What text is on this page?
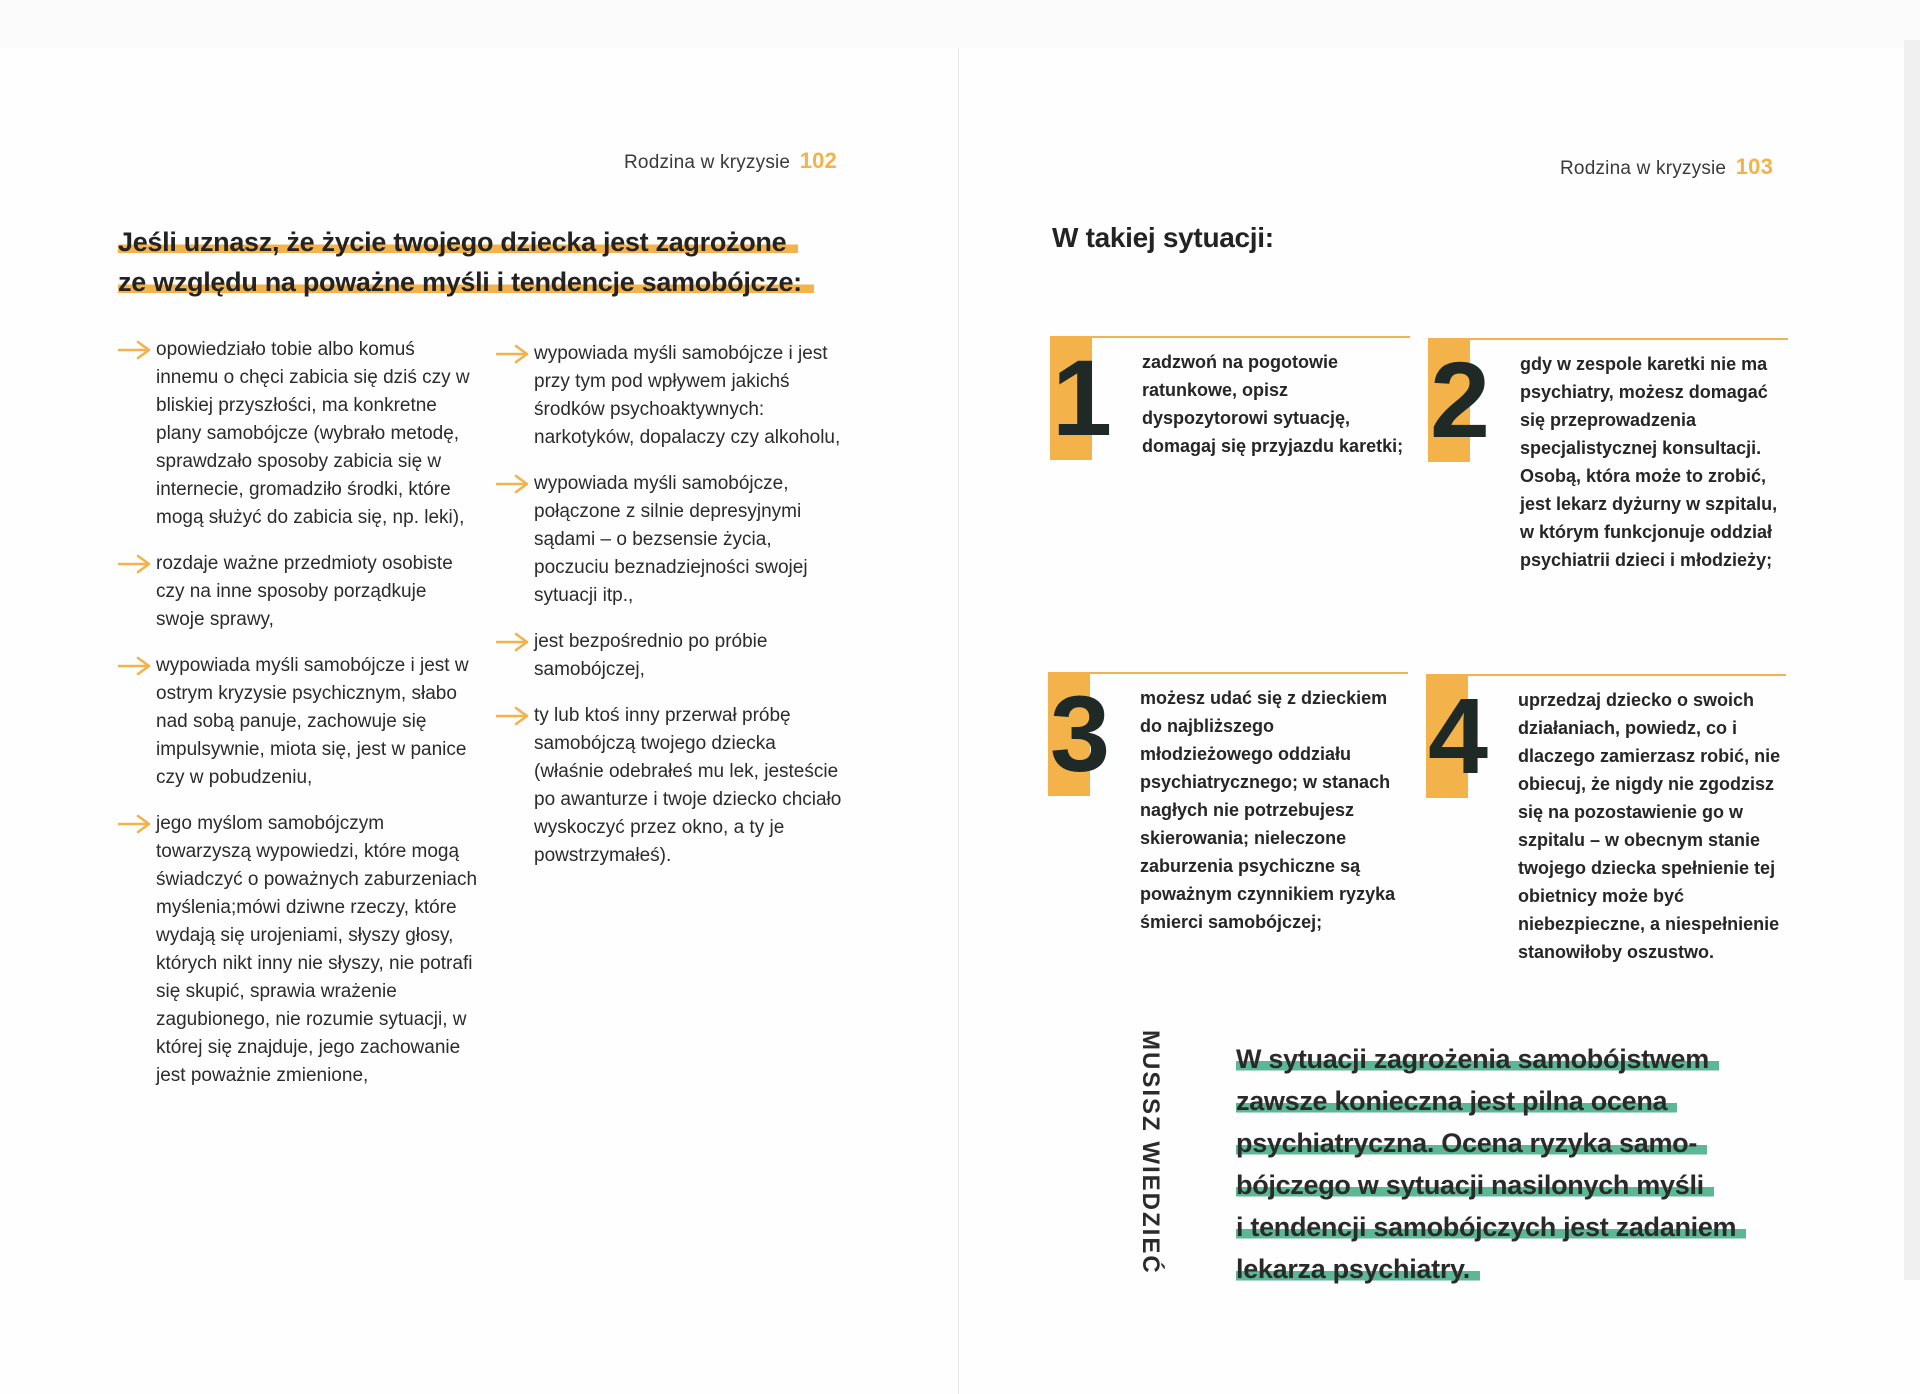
Rodzina w kryzysie 102	Rodzina w kryzysie 103
Jeśli uznasz, że życie twojego dziecka jest zagrożone
ze względu na poważne myśli i tendencje samobójcze:
opowiedziało tobie albo komuś innemu o chęci zabicia się dziś czy w bliskiej przyszłości, ma konkretne plany samobójcze (wybrało metodę, sprawdzało sposoby zabicia się w internecie, gromadziło środki, które mogą służyć do zabicia się, np. leki),
rozdaje ważne przedmioty osobiste czy na inne sposoby porządkuje swoje sprawy,
wypowiada myśli samobójcze i jest w ostrym kryzysie psychicznym, słabo nad sobą panuje, zachowuje się impulsywnie, miota się, jest w panice czy w pobudzeniu,
jego myślom samobójczym towarzyszą wypowiedzi, które mogą świadczyć o poważnych zaburzeniach myślenia;mówi dziwne rzeczy, które wydają się urojeniami, słyszy głosy, których nikt inny nie słyszy, nie potrafi się skupić, sprawia wrażenie zagubionego, nie rozumie sytuacji, w której się znajduje, jego zachowanie jest poważnie zmienione,
wypowiada myśli samobójcze i jest przy tym pod wpływem jakichś środków psychoaktywnych: narkotyków, dopalaczy czy alkoholu,
wypowiada myśli samobójcze, połączone z silnie depresyjnymi sądami – o bezsensie życia, poczuciu beznadziejności swojej sytuacji itp.,
jest bezpośrednio po próbie samobójczej,
ty lub ktoś inny przerwał próbę samobójczą twojego dziecka (właśnie odebrałeś mu lek, jesteście po awanturze i twoje dziecko chciało wyskoczyć przez okno, a ty je powstrzymałeś).
W takiej sytuacji:
1 zadzwoń na pogotowie ratunkowe, opisz dyspozytorowi sytuację, domagaj się przyjazdu karetki; 2 gdy w zespole karetki nie ma psychiatry, możesz domagać się przeprowadzenia specjalistycznej konsultacji. Osobą, która może to zrobić, jest lekarz dyżurny w szpitalu, w którym funkcjonuje oddział psychiatrii dzieci i młodzieży;
3 możesz udać się z dzieckiem do najbliższego młodzieżowego oddziału psychiatrycznego; w stanach nagłych nie potrzebujesz skierowania; nieleczone zaburzenia psychiczne są poważnym czynnikiem ryzyka śmierci samobójczej;
4 uprzedzaj dziecko o swoich działaniach, powiedz, co i dlaczego zamierzasz robić, nie obiecuj, że nigdy nie zgodzisz się na pozostawienie go w szpitalu – w obecnym stanie twojego dziecka spełnienie tej obietnicy może być niebezpieczne, a niespełnienie stanowiłoby oszustwo.
MUSISZ WIEDZIEĆ	W sytuacji zagrożenia samobójstwem
zawsze konieczna jest pilna ocena
psychiatryczna. Ocena ryzyka samo-
bójczego w sytuacji nasilonych myśli
i tendencji samobójczych jest zadaniem
lekarza psychiatry.
